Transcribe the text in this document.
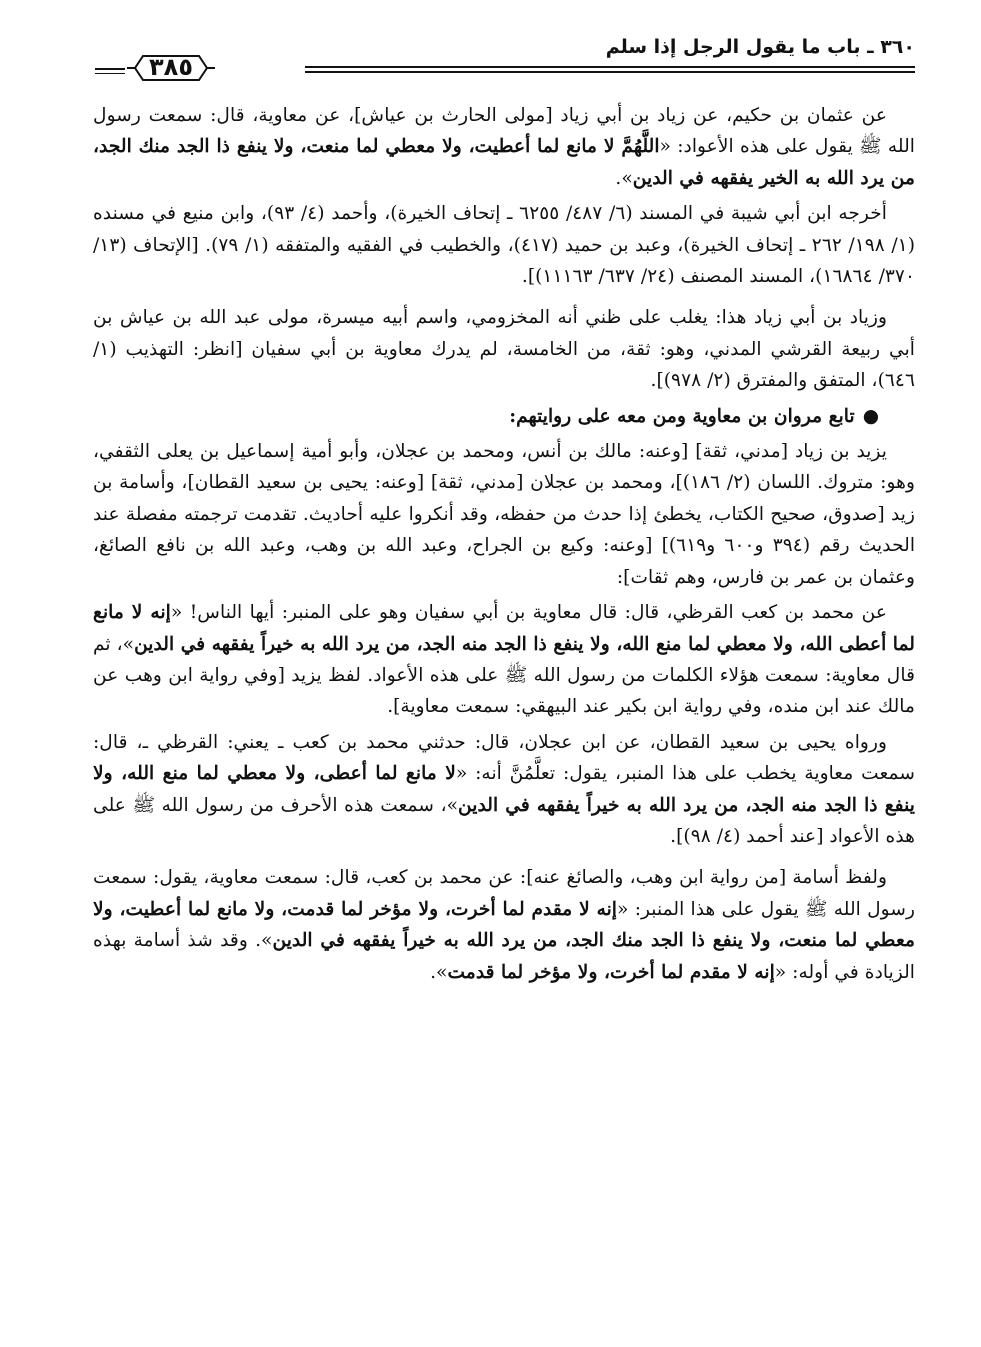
٣٦٠ ـ باب ما يقول الرجل إذا سلم
٣٨٥

عن عثمان بن حكيم، عن زياد بن أبي زياد [مولى الحارث بن عياش]، عن معاوية، قال: سمعت رسول الله ﷺ يقول على هذه الأعواد: «اللَّهُمَّ لا مانع لما أعطيت، ولا معطي لما منعت، ولا ينفع ذا الجد منك الجد، من يرد الله به الخير يفقهه في الدين».

أخرجه ابن أبي شيبة في المسند (٦/ ٤٨٧/ ٦٢٥٥ ـ إتحاف الخيرة)، وأحمد (٤/ ٩٣)، وابن منيع في مسنده (١/ ١٩٨/ ٢٦٢ ـ إتحاف الخيرة)، وعبد بن حميد (٤١٧)، والخطيب في الفقيه والمتفقه (١/ ٧٩). [الإتحاف (١٣/ ٣٧٠/ ١٦٨٦٤)، المسند المصنف (٢٤/ ٦٣٧/ ١١١٦٣)].

وزياد بن أبي زياد هذا: يغلب على ظني أنه المخزومي، واسم أبيه ميسرة، مولى عبد الله بن عياش بن أبي ربيعة القرشي المدني، وهو: ثقة، من الخامسة، لم يدرك معاوية بن أبي سفيان [انظر: التهذيب (١/ ٦٤٦)، المتفق والمفترق (٢/ ٩٧٨)].

●تابع مروان بن معاوية ومن معه على روايتهم:

يزيد بن زياد [مدني، ثقة] [وعنه: مالك بن أنس، ومحمد بن عجلان، وأبو أمية إسماعيل بن يعلى الثقفي، وهو: متروك. اللسان (٢/ ١٨٦)]، ومحمد بن عجلان [مدني، ثقة] [وعنه: يحيى بن سعيد القطان]، وأسامة بن زيد [صدوق، صحيح الكتاب، يخطئ إذا حدث من حفظه، وقد أنكروا عليه أحاديث. تقدمت ترجمته مفصلة عند الحديث رقم (٣٩٤ و٦٠٠ و٦١٩)] [وعنه: وكيع بن الجراح، وعبد الله بن وهب، وعبد الله بن نافع الصائغ، وعثمان بن عمر بن فارس، وهم ثقات]:

عن محمد بن كعب القرظي، قال: قال معاوية بن أبي سفيان وهو على المنبر: أيها الناس! «إنه لا مانع لما أعطى الله، ولا معطي لما منع الله، ولا ينفع ذا الجد منه الجد، من يرد الله به خيراً يفقهه في الدين»، ثم قال معاوية: سمعت هؤلاء الكلمات من رسول الله ﷺ على هذه الأعواد. لفظ يزيد [وفي رواية ابن وهب عن مالك عند ابن منده، وفي رواية ابن بكير عند البيهقي: سمعت معاوية].

ورواه يحيى بن سعيد القطان، عن ابن عجلان، قال: حدثني محمد بن كعب ـ يعني: القرظي ـ، قال: سمعت معاوية يخطب على هذا المنبر، يقول: تعلَّمُنَّ أنه: «لا مانع لما أعطى، ولا معطي لما منع الله، ولا ينفع ذا الجد منه الجد، من يرد الله به خيراً يفقهه في الدين»، سمعت هذه الأحرف من رسول الله ﷺ على هذه الأعواد [عند أحمد (٤/ ٩٨)].

ولفظ أسامة [من رواية ابن وهب، والصائغ عنه]: عن محمد بن كعب، قال: سمعت معاوية، يقول: سمعت رسول الله ﷺ يقول على هذا المنبر: «إنه لا مقدم لما أخرت، ولا مؤخر لما قدمت، ولا مانع لما أعطيت، ولا معطي لما منعت، ولا ينفع ذا الجد منك الجد، من يرد الله به خيراً يفقهه في الدين». وقد شذ أسامة بهذه الزيادة في أوله: «إنه لا مقدم لما أخرت، ولا مؤخر لما قدمت».
